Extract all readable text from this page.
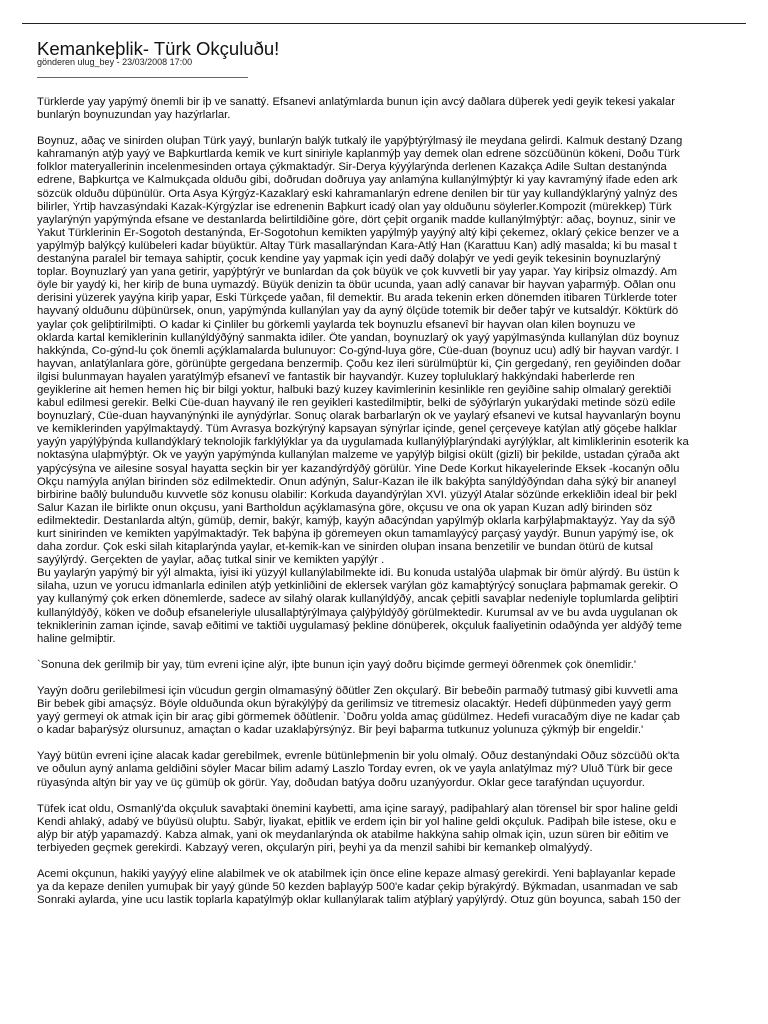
Kemankeþlik- Türk Okçuluðu!
gönderen ulug_bey - 23/03/2008 17:00
Türklerde yay yapýmý önemli bir iþ ve sanattý. Efsanevi anlatýmlarda bunun için avcý daðlara düþerek yedi geyik tekesi yakalar
bunlarýn boynuzundan yay hazýrlarlar.
Boynuz, aðaç ve sinirden oluþan Türk yayý, bunlarýn balýk tutkalý ile yapýþtýrýlmasý ile meydana gelirdi. Kalmuk destaný Dzang
kahramanýn atýþ yayý ve Baþkurtlarda kemik ve kurt siniriyle kaplanmýþ yay demek olan edrene sözcüðünün kökeni, Doðu Türk
folklor materyallerinin incelenmesinden ortaya çýkmaktadýr. Sir-Derya kýyýlarýnda derlenen Kazakça Adile Sultan destanýnda
edrene, Baþkurtça ve Kalmukçada olduðu gibi, doðrudan doðruya yay anlamýna kullanýlmýþtýr ki yay kavramýný ifade eden ark
sözcük olduðu düþünülür. Orta Asya Kýrgýz-Kazaklarý eski kahramanlarýn edrene denilen bir tür yay kullandýklarýný yalnýz des
bilirler, Ýrtiþ havzasýndaki Kazak-Kýrgýzlar ise edrenenin Baþkurt icadý olan yay olduðunu söylerler.Kompozit (mürekkep) Türk
yaylarýnýn yapýmýnda efsane ve destanlarda belirtildiðine göre, dört çeþit organik madde kullanýlmýþtýr: aðaç, boynuz, sinir ve
Yakut Türklerinin Er-Sogotoh destanýnda, Er-Sogotohun kemikten yapýlmýþ yayýný altý kiþi çekemez, oklarý çekice benzer ve a
yapýlmýþ balýkçý kulübeleri kadar büyüktür. Altay Türk masallarýndan Kara-Atlý Han (Karattuu Kan) adlý masalda; ki bu masal t
destanýna paralel bir temaya sahiptir, çocuk kendine yay yapmak için yedi daðý dolaþýr ve yedi geyik tekesinin boynuzlarýný
toplar. Boynuzlarý yan yana getirir, yapýþtýrýr ve bunlardan da çok büyük ve çok kuvvetli bir yay yapar. Yay kiriþsiz olmazdý. Am
öyle bir yaydý ki, her kiriþ de buna uymazdý. Büyük denizin ta öbür ucunda, yaan adlý canavar bir hayvan yaþarmýþ. Oðlan onu
derisini yüzerek yayýna kiriþ yapar, Eski Türkçede yaðan, fil demektir. Bu arada tekenin erken dönemden itibaren Türklerde toter
hayvaný olduðunu düþünürsek, onun, yapýmýnda kullanýlan yay da ayný ölçüde totemik bir deðer taþýr ve kutsaldýr. Köktürk dö
yaylar çok geliþtirilmiþti. O kadar ki Çinliler bu görkemli yaylarda tek boynuzlu efsanevî bir hayvan olan kilen boynuzu ve
oklarda kartal kemiklerinin kullanýldýðýný sanmakta idiler. Öte yandan, boynuzlarý ok yayý yapýlmasýnda kullanýlan düz boynuz
hakkýnda, Co-gýnd-lu çok önemli açýklamalarda bulunuyor: Co-gýnd-luya göre, Cüe-duan (boynuz ucu) adlý bir hayvan vardýr. I
hayvan, anlatýlanlara göre, görünüþte gergedana benzermiþ. Çoðu kez ileri sürülmüþtür ki, Çin gergedaný, ren geyiðinden doðar
ilgisi bulunmayan hayalen yaratýlmýþ efsanevî ve fantastik bir hayvandýr. Kuzey topluluklarý hakkýndaki haberlerde ren
geyiklerine ait hemen hemen hiç bir bilgi yoktur, halbuki bazý kuzey kavimlerinin kesinlikle ren geyiðine sahip olmalarý gerektiði
kabul edilmesi gerekir. Belki Cüe-duan hayvaný ile ren geyikleri kastedilmiþtir, belki de sýðýrlarýn yukarýdaki metinde sözü edile
boynuzlarý, Cüe-duan hayvanýnýnki ile aynýdýrlar. Sonuç olarak barbarlarýn ok ve yaylarý efsanevi ve kutsal hayvanlarýn boynu
ve kemiklerinden yapýlmaktaydý. Tüm Avrasya bozkýrýný kapsayan sýnýrlar içinde, genel çerçeveye katýlan atlý göçebe halklar
yayýn yapýlýþýnda kullandýklarý teknolojik farklýlýklar ya da uygulamada kullanýlýþlarýndaki ayrýlýklar, alt kimliklerinin esoterik ka
noktasýna ulaþmýþtýr. Ok ve yayýn yapýmýnda kullanýlan malzeme ve yapýlýþ bilgisi okült (gizli) bir þekilde, ustadan çýraða akt
yapýcýsýna ve ailesine sosyal hayatta seçkin bir yer kazandýrdýðý görülür. Yine Dede Korkut hikayelerinde Eksek -kocanýn oðlu
Okçu namýyla anýlan birinden söz edilmektedir. Onun adýnýn, Salur-Kazan ile ilk bakýþta sanýldýðýndan daha sýký bir ananeyl
birbirine baðlý bulunduðu kuvvetle söz konusu olabilir: Korkuda dayandýrýlan XVI. yüzyýl Atalar sözünde erkekliðin ideal bir þekl
Salur Kazan ile birlikte onun okçusu, yani Bartholdun açýklamasýna göre, okçusu ve ona ok yapan Kuzan adlý birinden söz
edilmektedir. Destanlarda altýn, gümüþ, demir, bakýr, kamýþ, kayýn aðacýndan yapýlmýþ oklarla karþýlaþmaktayýz. Yay da sýð
kurt sinirinden ve kemikten yapýlmaktadýr. Tek baþýna iþ göremeyen okun tamamlayýcý parçasý yaydýr. Bunun yapýmý ise, ok
daha zordur. Çok eski silah kitaplarýnda yaylar, et-kemik-kan ve sinirden oluþan insana benzetilir ve bundan ötürü de kutsal
sayýlýrdý. Gerçekten de yaylar, aðaç tutkal sinir ve kemikten yapýlýr .
Bu yaylarýn yapýmý bir yýl almakta, iyisi iki yüzyýl kullanýlabilmekte idi. Bu konuda ustalýða ulaþmak bir ömür alýrdý. Bu üstün k
silaha, uzun ve yorucu idmanlarla edinilen atýþ yetkinliðini de eklersek varýlan göz kamaþtýrýcý sonuçlara þaþmamak gerekir. O
yay kullanýmý çok erken dönemlerde, sadece av silahý olarak kullanýldýðý, ancak çeþitli savaþlar nedeniyle toplumlarda geliþtiri
kullanýldýðý, köken ve doðuþ efsaneleriyle ulusallaþtýrýlmaya çalýþýldýðý görülmektedir. Kurumsal av ve bu avda uygulanan ok
tekniklerinin zaman içinde, savaþ eðitimi ve taktiði uygulamasý þekline dönüþerek, okçuluk faaliyetinin odaðýnda yer aldýðý teme
haline gelmiþtir.
`Sonuna dek gerilmiþ bir yay, tüm evreni içine alýr, iþte bunun için yayý doðru biçimde germeyi öðrenmek çok önemlidir.'
Yayýn doðru gerilebilmesi için vücudun gergin olmamasýný öðütler Zen okçularý. Bir bebeðin parmaðý tutmasý gibi kuvvetli ama
Bir bebek gibi amaçsýz. Böyle olduðunda okun býrakýlýþý da gerilimsiz ve titremesiz olacaktýr. Hedefi düþünmeden yayý germ
yayý germeyi ok atmak için bir araç gibi görmemek öðütlenir. `Doðru yolda amaç güdülmez. Hedefi vuracaðým diye ne kadar çab
o kadar baþarýsýz olursunuz, amaçtan o kadar uzaklaþýrsýnýz. Bir þeyi baþarma tutkunuz yolunuza çýkmýþ bir engeldir.'
Yayý bütün evreni içine alacak kadar gerebilmek, evrenle bütünleþmenin bir yolu olmalý. Oðuz destanýndaki Oðuz sözcüðü ok'ta
ve oðulun ayný anlama geldiðini söyler Macar bilim adamý Laszlo Torday evren, ok ve yayla anlatýlmaz mý? Uluð Türk bir gece
rüyasýnda altýn bir yay ve üç gümüþ ok görür. Yay, doðudan batýya doðru uzanýyordur. Oklar gece tarafýndan uçuyordur.
Tüfek icat oldu, Osmanlý'da okçuluk savaþtaki önemini kaybetti, ama içine sarayý, padiþahlarý alan törensel bir spor haline geldi
Kendi ahlaký, adabý ve büyüsü oluþtu. Sabýr, liyakat, eþitlik ve erdem için bir yol haline geldi okçuluk. Padiþah bile istese, oku e
alýp bir atýþ yapamazdý. Kabza almak, yani ok meydanlarýnda ok atabilme hakkýna sahip olmak için, uzun süren bir eðitim ve
terbiyeden geçmek gerekirdi. Kabzayý veren, okçularýn piri, þeyhi ya da menzil sahibi bir kemankeþ olmalýydý.
Acemi okçunun, hakiki yayýyý eline alabilmek ve ok atabilmek için önce eline kepaze almasý gerekirdi. Yeni baþlayanlar kepade
ya da kepaze denilen yumuþak bir yayý günde 50 kezden baþlayýp 500'e kadar çekip býrakýrdý. Býkmadan, usanmadan ve sab
Sonraki aylarda, yine ucu lastik toplarla kapatýlmýþ oklar kullanýlarak talim atýþlarý yapýlýrdý. Otuz gün boyunca, sabah 150 der
